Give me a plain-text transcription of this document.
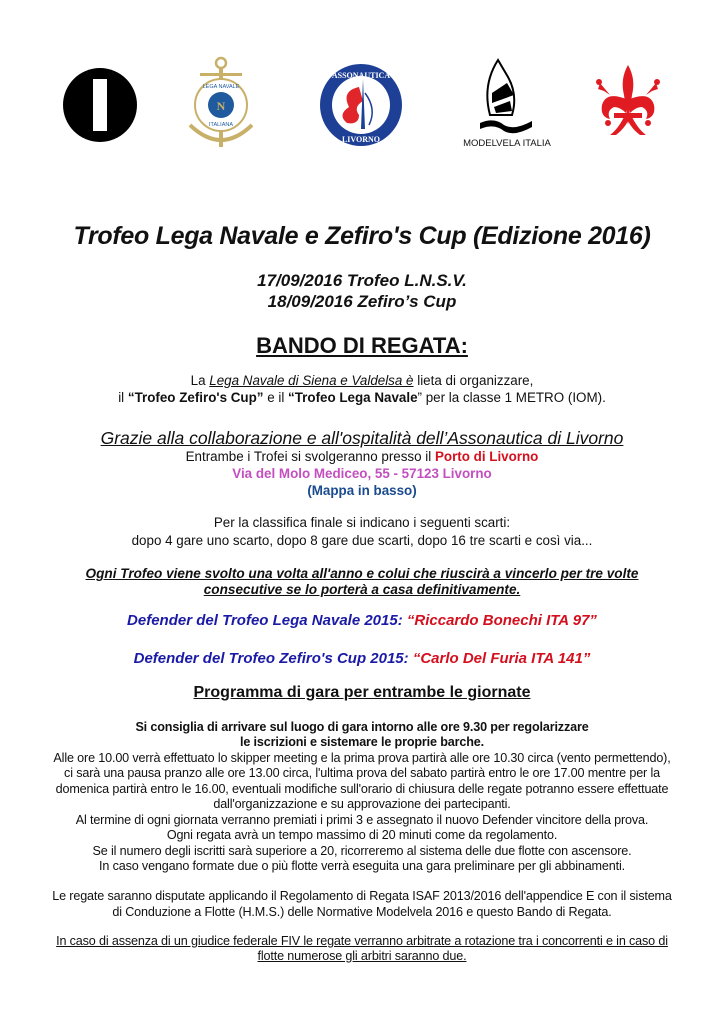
N
LEGA NAVALE
ITALIANA
ASSONAUTICA
LIVORNO	MODELVELA ITALIA
Trofeo Lega Navale e Zefiro's Cup (Edizione 2016)
17/09/2016 Trofeo L.N.S.V.
18/09/2016 Zefiro’s Cup
BANDO DI REGATA:
La Lega Navale di Siena e Valdelsa è lieta di organizzare,
il “Trofeo Zefiro's Cup” e il “Trofeo Lega Navale” per la classe 1 METRO (IOM).
Grazie alla collaborazione e all'ospitalità dell’Assonautica di Livorno
Entrambe i Trofei si svolgeranno presso il Porto di Livorno
Via del Molo Mediceo, 55 - 57123 Livorno
(Mappa in basso)
Per la classifica finale si indicano i seguenti scarti:
dopo 4 gare uno scarto, dopo 8 gare due scarti, dopo 16 tre scarti e così via...
Ogni Trofeo viene svolto una volta all'anno e colui che riuscirà a vincerlo per tre volte
consecutive se lo porterà a casa definitivamente.
Defender del Trofeo Lega Navale 2015: “Riccardo Bonechi ITA 97”
Defender del Trofeo Zefiro's Cup 2015: “Carlo Del Furia ITA 141”
Programma di gara per entrambe le giornate
Si consiglia di arrivare sul luogo di gara intorno alle ore 9.30 per regolarizzare
le iscrizioni e sistemare le proprie barche.
Alle ore 10.00 verrà effettuato lo skipper meeting e la prima prova partirà alle ore 10.30 circa (vento permettendo),
ci sarà una pausa pranzo alle ore 13.00 circa, l'ultima prova del sabato partirà entro le ore 17.00 mentre per la
domenica partirà entro le 16.00, eventuali modifiche sull'orario di chiusura delle regate potranno essere effettuate
dall'organizzazione e su approvazione dei partecipanti.
Al termine di ogni giornata verranno premiati i primi 3 e assegnato il nuovo Defender vincitore della prova.
Ogni regata avrà un tempo massimo di 20 minuti come da regolamento.
Se il numero degli iscritti sarà superiore a 20, ricorreremo al sistema delle due flotte con ascensore.
In caso vengano formate due o più flotte verrà eseguita una gara preliminare per gli abbinamenti.
Le regate saranno disputate applicando il Regolamento di Regata ISAF 2013/2016 dell'appendice E con il sistema
di Conduzione a Flotte (H.M.S.) delle Normative Modelvela 2016 e questo Bando di Regata.
In caso di assenza di un giudice federale FIV le regate verranno arbitrate a rotazione tra i concorrenti e in caso di
flotte numerose gli arbitri saranno due.
